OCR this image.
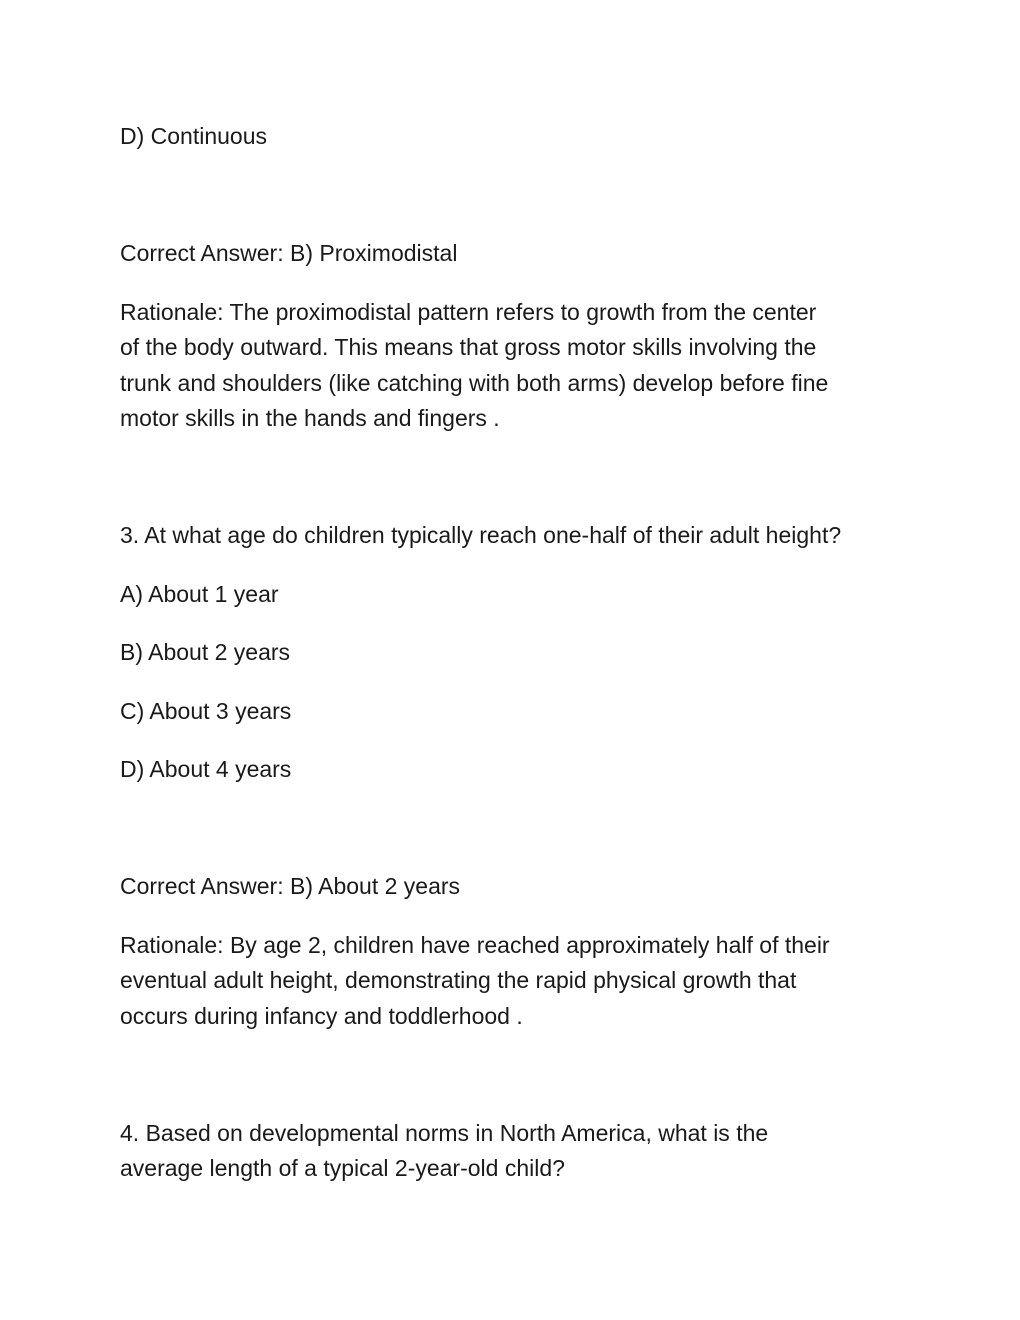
D) Continuous
Correct Answer: B) Proximodistal
Rationale: The proximodistal pattern refers to growth from the center
of the body outward. This means that gross motor skills involving the
trunk and shoulders (like catching with both arms) develop before fine
motor skills in the hands and fingers .
3. At what age do children typically reach one-half of their adult height?
A) About 1 year
B) About 2 years
C) About 3 years
D) About 4 years
Correct Answer: B) About 2 years
Rationale: By age 2, children have reached approximately half of their
eventual adult height, demonstrating the rapid physical growth that
occurs during infancy and toddlerhood .
4. Based on developmental norms in North America, what is the
average length of a typical 2-year-old child?
